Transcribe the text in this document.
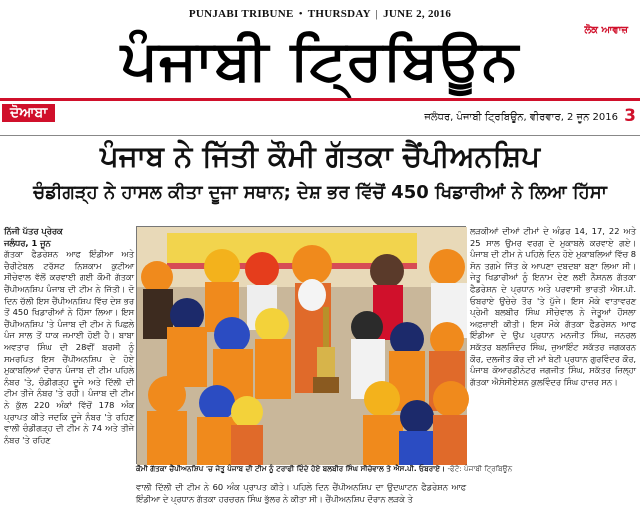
PUNJABI TRIBUNE • THURSDAY | JUNE 2, 2016
ਲੋਕ ਆਵਾਜ਼
ਪੰਜਾਬੀ ਟ੍ਰਿਬਿਊਨ
ਦੋਆਬਾ	ਜਲੰਧਰ, ਪੰਜਾਬੀ ਟ੍ਰਿਬਿਊਨ, ਵੀਰਵਾਰ, 2 ਜੂਨ 2016 3
ਪੰਜਾਬ ਨੇ ਜਿੱਤੀ ਕੌਮੀ ਗੱਤਕਾ ਚੈਂਪੀਅਨਸ਼ਿਪ
ਚੰਡੀਗੜ੍ਹ ਨੇ ਹਾਸਲ ਕੀਤਾ ਦੂਜਾ ਸਥਾਨ; ਦੇਸ਼ ਭਰ ਵਿੱਚੋਂ 450 ਖਿਡਾਰੀਆਂ ਨੇ ਲਿਆ ਹਿੱਸਾ
ਨਿੱਜੀ ਪੱਤਰ ਪ੍ਰੇਰਕ
ਜਲੰਧਰ, 1 ਜੂਨ
ਗੱਤਕਾ ਫੈਡਰੇਸ਼ਨ ਆਫ ਇੰਡੀਆ ਅਤੇ ਚੈਰੀਟੇਬਲ ਟਰੱਸਟ ਨਿਸ਼ਕਾਮ ਕੁਟੀਆ ਸੀਚੇਵਾਲ ਵੱਲੋਂ ਕਰਵਾਈ ਗਈ ਕੌਮੀ ਗੱਤਕਾ ਚੈਂਪੀਅਨਸ਼ਿਪ ਪੰਜਾਬ ਦੀ ਟੀਮ ਨੇ ਜਿੱਤੀ। ਦੋ ਦਿਨ ਚੱਲੀ ਇਸ ਚੈਂਪੀਅਨਸ਼ਿਪ ਵਿੱਚ ਦੇਸ਼ ਭਰ ਤੋਂ 450 ਖਿਡਾਰੀਆਂ ਨੇ ਹਿੱਸਾ ਲਿਆ। ਇਸ ਚੈਂਪੀਅਨਸ਼ਿਪ 'ਤੇ ਪੰਜਾਬ ਦੀ ਟੀਮ ਨੇ ਪਿਛਲੇ ਪੰਜ ਸਾਲ ਤੋਂ ਧਾਕ ਜਮਾਈ ਹੋਈ ਹੈ। ਬਾਬਾ ਅਵਤਾਰ ਸਿੰਘ ਦੀ 28ਵੀਂ ਬਰਸੀ ਨੂੰ ਸਮਰਪਿਤ ਇਸ ਚੈਂਪੀਅਨਸ਼ਿਪ ਦੇ ਹੋਏ ਮੁਕਾਬਲਿਆਂ ਦੌਰਾਨ ਪੰਜਾਬ ਦੀ ਟੀਮ ਪਹਿਲੇ ਨੰਬਰ 'ਤੇ, ਚੰਡੀਗੜ੍ਹ ਦੂਜੇ ਅਤੇ ਦਿੱਲੀ ਦੀ ਟੀਮ ਤੀਜੇ ਨੰਬਰ 'ਤੇ ਰਹੀ। ਪੰਜਾਬ ਦੀ ਟੀਮ ਨੇ ਕੁੱਲ 220 ਅੰਕਾਂ ਵਿੱਚੋਂ 178 ਅੰਕ ਪ੍ਰਾਪਤ ਕੀਤੇ ਜਦਕਿ ਦੂਜੇ ਨੰਬਰ 'ਤੇ ਰਹਿਣ ਵਾਲੀ ਚੰਡੀਗੜ੍ਹ ਦੀ ਟੀਮ ਨੇ 74 ਅਤੇ ਤੀਜੇ ਨੰਬਰ 'ਤੇ ਰਹਿਣ
ਕੌਮੀ ਗੱਤਕਾ ਚੈਂਪੀਅਨਸ਼ਿਪ 'ਚ ਜੇਤੂ ਪੰਜਾਬ ਦੀ ਟੀਮ ਨੂੰ ਟਰਾਫੀ ਦਿੰਦੇ ਹੋਏ ਬਲਬੀਰ ਸਿੰਘ ਸੀਚੇਵਾਲ ਤੇ ਐਸ.ਪੀ. ਓਬਰਾਏ। -ਫੋਟੋ: ਪੰਜਾਬੀ ਟ੍ਰਿਬਿਊਨ
ਵਾਲੀ ਦਿੱਲੀ ਦੀ ਟੀਮ ਨੇ 60 ਅੰਕ ਪ੍ਰਾਪਤ ਕੀਤੇ। ਪਹਿਲੇ ਦਿਨ ਚੈਂਪੀਅਨਸ਼ਿਪ ਦਾ ਉਦਘਾਟਨ ਫੈਡਰੇਸ਼ਨ ਆਫ ਇੰਡੀਆ ਦੇ ਪ੍ਰਧਾਨ ਗੱਤਕਾ ਹਰਚਰਨ ਸਿੰਘ ਭੁੱਲਰ ਨੇ ਕੀਤਾ ਸੀ। ਚੈਂਪੀਅਨਸ਼ਿਪ ਦੌਰਾਨ ਲੜਕੇ ਤੇ
ਲੜਕੀਆਂ ਦੀਆਂ ਟੀਮਾਂ ਦੇ ਅੰਡਰ 14, 17, 22 ਅਤੇ 25 ਸਾਲ ਉਮਰ ਵਰਗ ਦੇ ਮੁਕਾਬਲੇ ਕਰਵਾਏ ਗਏ। ਪੰਜਾਬ ਦੀ ਟੀਮ ਨੇ ਪਹਿਲੇ ਦਿਨ ਹੋਏ ਮੁਕਾਬਲਿਆਂ ਵਿੱਚ 8 ਸੋਨ ਤਗਮੇ ਜਿੱਤ ਕੇ ਆਪਣਾ ਦਬਦਬਾ ਬਣਾ ਲਿਆ ਸੀ। ਜੇਤੂ ਖਿਡਾਰੀਆਂ ਨੂੰ ਇਨਾਮ ਦੇਣ ਲਈ ਨੈਸ਼ਨਲ ਗੱਤਕਾ ਫੈਡਰੇਸ਼ਨ ਦੇ ਪ੍ਰਧਾਨ ਅਤੇ ਪਰਵਾਸੀ ਭਾਰਤੀ ਐਸ.ਪੀ. ਓਬਰਾਏ ਉਚੇਚੇ ਤੌਰ 'ਤੇ ਪੁੱਜੇ। ਇਸ ਮੌਕੇ ਵਾਤਾਵਰਣ ਪ੍ਰੇਮੀ ਬਲਬੀਰ ਸਿੰਘ ਸੀਚੇਵਾਲ ਨੇ ਜੇਤੂਆਂ ਹੌਸਲਾ ਅਫ਼ਜ਼ਾਈ ਕੀਤੀ। ਇਸ ਮੌਕੇ ਗੱਤਕਾ ਫੈਡਰੇਸ਼ਨ ਆਫ ਇੰਡੀਆ ਦੇ ਉਪ ਪ੍ਰਧਾਨ ਮਨਜੀਤ ਸਿੰਘ, ਜਨਰਲ ਸਕੱਤਰ ਬਲਜਿੰਦਰ ਸਿੰਘ, ਜੁਆਇੰਟ ਸਕੱਤਰ ਜਗਕਰਨ ਕੌਰ, ਦਲਜੀਤ ਕੌਰ ਦੀ ਮਾਂ ਬੇਟੀ ਪ੍ਰਧਾਨ ਗੁਰਵਿੰਦਰ ਕੌਰ, ਪੰਜਾਬ ਕੋਆਰਡੀਨੇਟਰ ਜਗਜੀਤ ਸਿੰਘ, ਸਕੱਤਰ ਜ਼ਿਲ੍ਹਾ ਗੱਤਕਾ ਐਸੋਸੀਏਸ਼ਨ ਕੁਲਵਿੰਦਰ ਸਿੰਘ ਹਾਜ਼ਰ ਸਨ।
